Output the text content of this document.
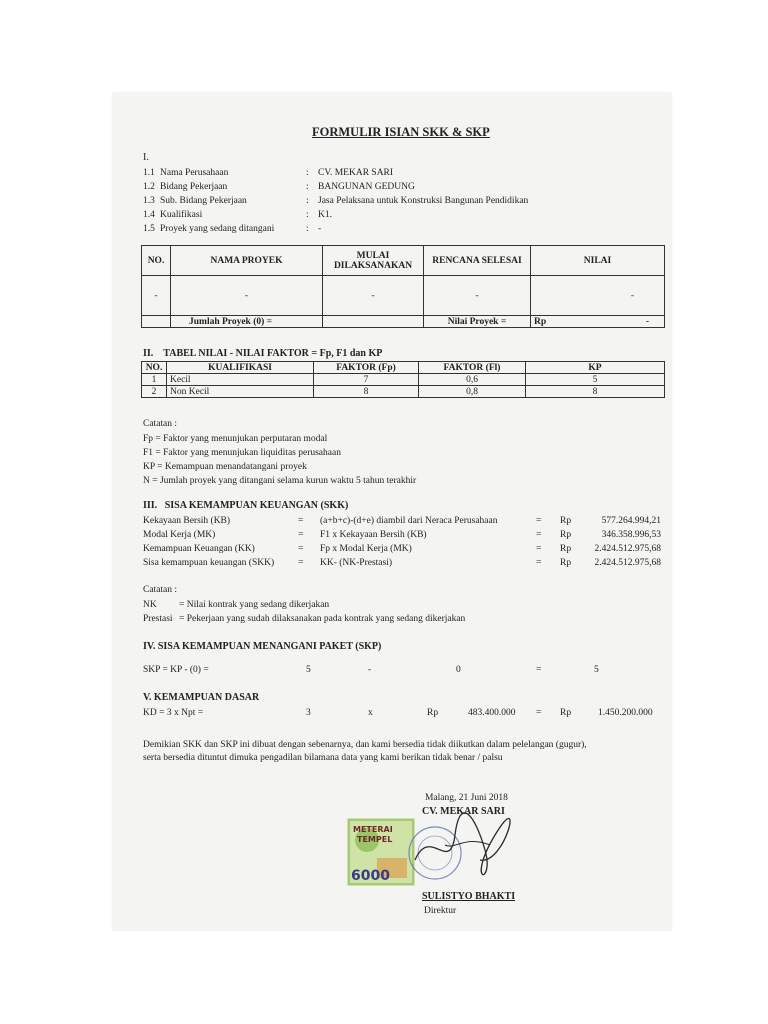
FORMULIR ISIAN SKK & SKP
I.
1.1 Nama Perusahaan	: CV. MEKAR SARI
1.2 Bidang Pekerjaan	: BANGUNAN GEDUNG
1.3 Sub. Bidang Pekerjaan	: Jasa Pelaksana untuk Konstruksi Bangunan Pendidikan
1.4 Kualifikasi	: K1.
1.5 Proyek yang sedang ditangani	: -
NO.	NAMA PROYEK	MULAI DILAKSANAKAN	RENCANA SELESAI	NILAI
-	-	-	-	-
	Jumlah Proyek (0) =		Nilai Proyek =	Rp -
II. TABEL NILAI - NILAI FAKTOR = Fp, F1 dan KP
NO.	KUALIFIKASI	FAKTOR (Fp)	FAKTOR (Fl)	KP
1	Kecil	7	0,6	5
2	Non Kecil	8	0,8	8
Catatan :
Fp = Faktor yang menunjukan perputaran modal
F1 = Faktor yang menunjukan liquiditas perusahaan
KP = Kemampuan menandatangani proyek
N = Jumlah proyek yang ditangani selama kurun waktu 5 tahun terakhir
III. SISA KEMAMPUAN KEUANGAN (SKK)
Kekayaan Bersih (KB)	= (a+b+c)-(d+e) diambil dari Neraca Perusahaan	= Rp	577.264.994,21
Modal Kerja (MK)	= F1 x Kekayaan Bersih (KB)	= Rp	346.358.996,53
Kemampuan Keuangan (KK)	= Fp x Modal Kerja (MK)	= Rp	2.424.512.975,68
Sisa kemampuan keuangan (SKK)	= KK- (NK-Prestasi)	= Rp	2.424.512.975,68
Catatan :
NK = Nilai kontrak yang sedang dikerjakan
Prestasi = Pekerjaan yang sudah dilaksanakan pada kontrak yang sedang dikerjakan
IV. SISA KEMAMPUAN MENANGANI PAKET (SKP)
SKP = KP - (0) =	5	-	0	=	5
V. KEMAMPUAN DASAR
KD = 3 x Npt =	3	x	Rp	483.400.000 = Rp	1.450.200.000
Demikian SKK dan SKP ini dibuat dengan sebenarnya, dan kami bersedia tidak diikutkan dalam pelelangan (gugur),
serta bersedia dituntut dimuka pengadilan bilamana data yang kami berikan tidak benar / palsu
Malang, 21 Juni 2018
CV. MEKAR SARI
METERAI
TEMPEL
6000
SULISTYO BHAKTI
Direktur
